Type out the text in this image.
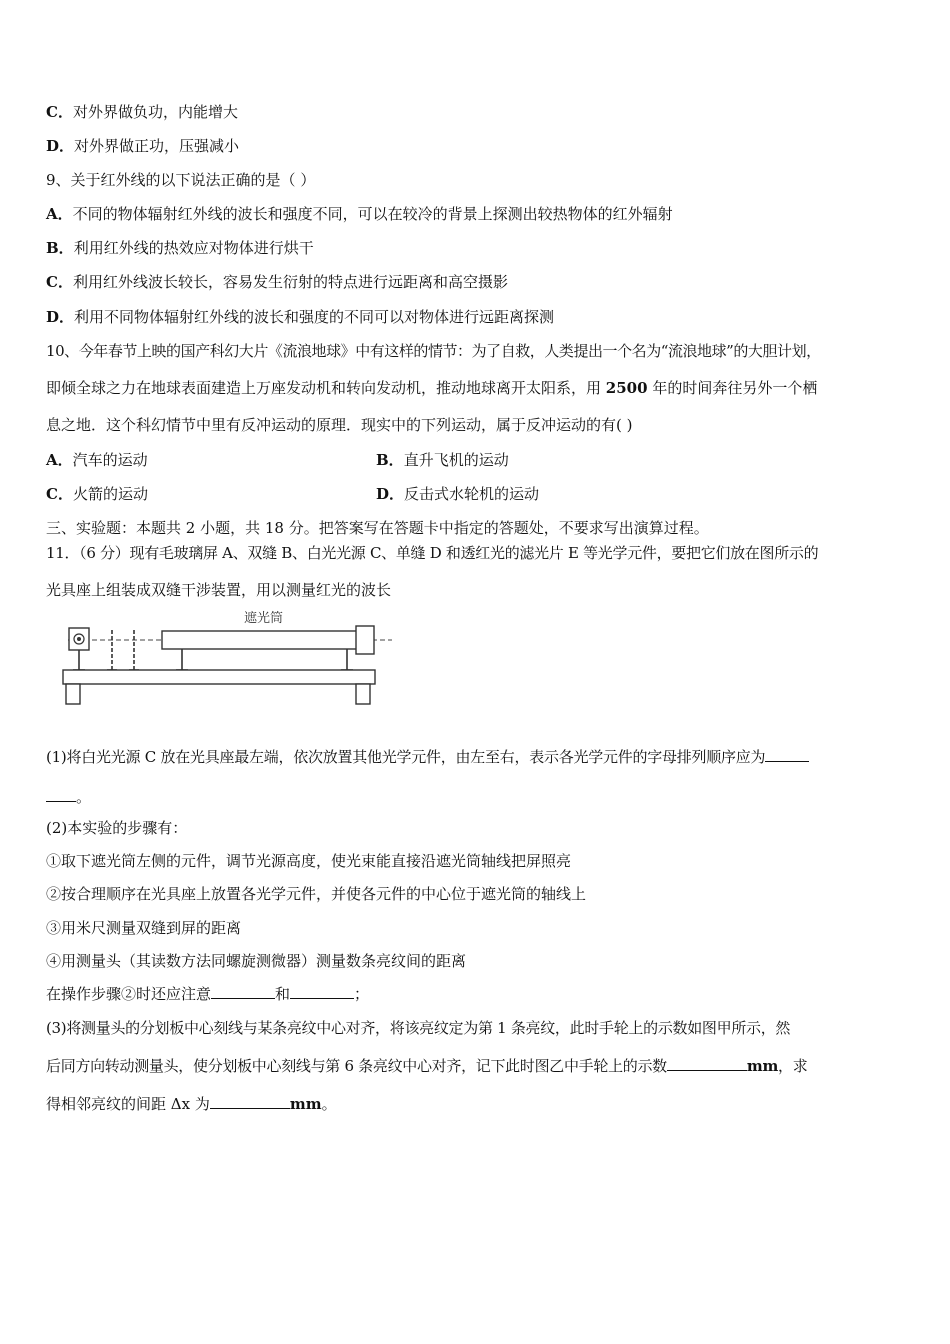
C．对外界做负功，内能增大
D．对外界做正功，压强减小
9、关于红外线的以下说法正确的是（ ）
A．不同的物体辐射红外线的波长和强度不同，可以在较冷的背景上探测出较热物体的红外辐射
B．利用红外线的热效应对物体进行烘干
C．利用红外线波长较长，容易发生衍射的特点进行远距离和高空摄影
D．利用不同物体辐射红外线的波长和强度的不同可以对物体进行远距离探测
10、今年春节上映的国产科幻大片《流浪地球》中有这样的情节：为了自救，人类提出一个名为“流浪地球”的大胆计划，
即倾全球之力在地球表面建造上万座发动机和转向发动机，推动地球离开太阳系，用 2500 年的时间奔往另外一个栖
息之地．这个科幻情节中里有反冲运动的原理．现实中的下列运动，属于反冲运动的有( )
A．汽车的运动	B．直升飞机的运动
C．火箭的运动	D．反击式水轮机的运动
三、实验题：本题共 2 小题，共 18 分。把答案写在答题卡中指定的答题处，不要求写出演算过程。
11．（6 分）现有毛玻璃屏 A、双缝 B、白光光源 C、单缝 D 和透红光的滤光片 E 等光学元件，要把它们放在图所示的
光具座上组装成双缝干涉装置，用以测量红光的波长
遮光筒
(1)将白光光源 C 放在光具座最左端，依次放置其他光学元件，由左至右，表示各光学元件的字母排列顺序应为
。
(2)本实验的步骤有：
①取下遮光筒左侧的元件，调节光源高度，使光束能直接沿遮光筒轴线把屏照亮
②按合理顺序在光具座上放置各光学元件，并使各元件的中心位于遮光筒的轴线上
③用米尺测量双缝到屏的距离
④用测量头（其读数方法同螺旋测微器）测量数条亮纹间的距离
在操作步骤②时还应注意	和	；
(3)将测量头的分划板中心刻线与某条亮纹中心对齐，将该亮纹定为第 1 条亮纹，此时手轮上的示数如图甲所示，然
后同方向转动测量头，使分划板中心刻线与第 6 条亮纹中心对齐，记下此时图乙中手轮上的示数	mm，求
得相邻亮纹的间距 Δx 为	mm。
